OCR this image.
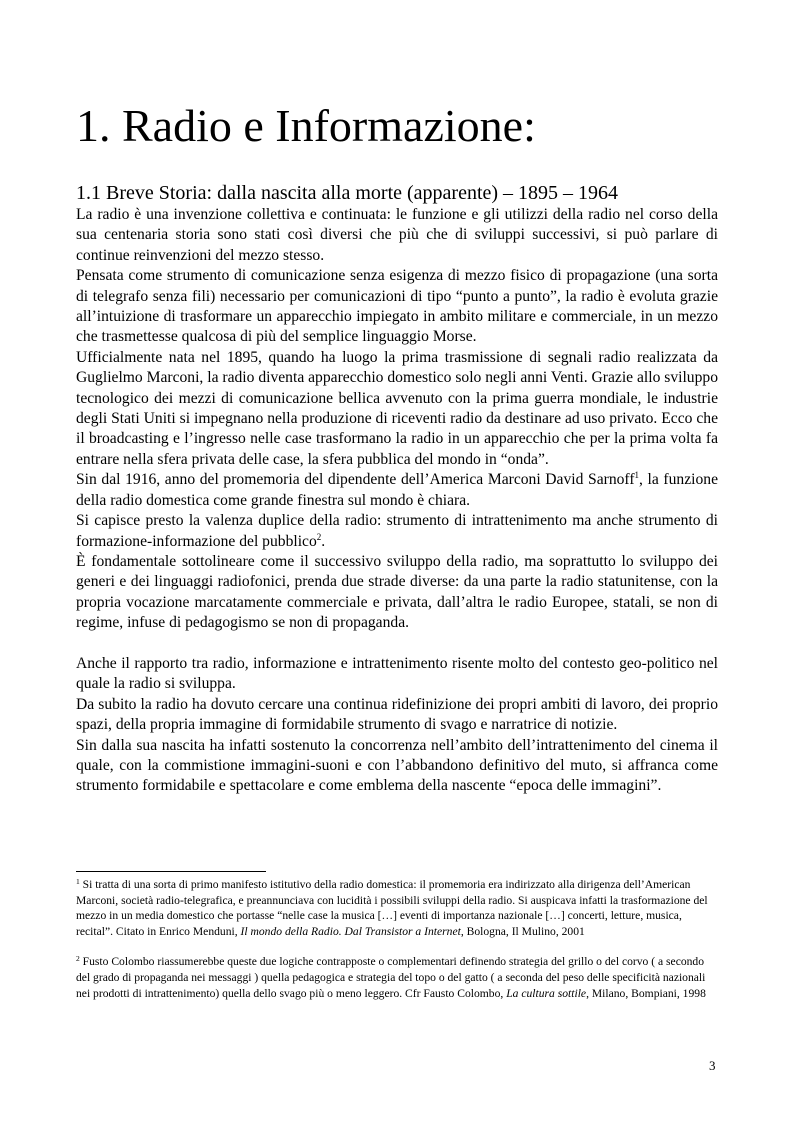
1. Radio e Informazione:
1.1 Breve Storia: dalla nascita alla morte (apparente) – 1895 – 1964

La radio è una invenzione collettiva e continuata: le funzione e gli utilizzi della radio nel corso della sua centenaria storia sono stati così diversi che più che di sviluppi successivi, si può parlare di continue reinvenzioni del mezzo stesso.

Pensata come strumento di comunicazione senza esigenza di mezzo fisico di propagazione (una sorta di telegrafo senza fili) necessario per comunicazioni di tipo “punto a punto”, la radio è evoluta grazie all’intuizione di trasformare un apparecchio impiegato in ambito militare e commerciale, in un mezzo che trasmettesse qualcosa di più del semplice linguaggio Morse.

Ufficialmente nata nel 1895, quando ha luogo la prima trasmissione di segnali radio realizzata da Guglielmo Marconi, la radio diventa apparecchio domestico solo negli anni Venti. Grazie allo sviluppo tecnologico dei mezzi di comunicazione bellica avvenuto con la prima guerra mondiale, le industrie degli Stati Uniti si impegnano nella produzione di riceventi radio da destinare ad uso privato. Ecco che il broadcasting e l’ingresso nelle case trasformano la radio in un apparecchio che per la prima volta fa entrare nella sfera privata delle case, la sfera pubblica del mondo in “onda”.

Sin dal 1916, anno del promemoria del dipendente dell’America Marconi David Sarnoff$^1$, la funzione della radio domestica come grande finestra sul mondo è chiara.

Si capisce presto la valenza duplice della radio: strumento di intrattenimento ma anche strumento di formazione-informazione del pubblico$^2$.

È fondamentale sottolineare come il successivo sviluppo della radio, ma soprattutto lo sviluppo dei generi e dei linguaggi radiofonici, prenda due strade diverse: da una parte la radio statunitense, con la propria vocazione marcatamente commerciale e privata, dall’altra le radio Europee, statali, se non di regime, infuse di pedagogismo se non di propaganda.

Anche il rapporto tra radio, informazione e intrattenimento risente molto del contesto geo-politico nel quale la radio si sviluppa.

Da subito la radio ha dovuto cercare una continua ridefinizione dei propri ambiti di lavoro, dei proprio spazi, della propria immagine di formidabile strumento di svago e narratrice di notizie.

Sin dalla sua nascita ha infatti sostenuto la concorrenza nell’ambito dell’intrattenimento del cinema il quale, con la commistione immagini-suoni e con l’abbandono definitivo del muto, si affranca come strumento formidabile e spettacolare e come emblema della nascente “epoca delle immagini”.

$^1$ Si tratta di una sorta di primo manifesto istitutivo della radio domestica: il promemoria era indirizzato alla dirigenza dell’American Marconi, società radio-telegrafica, e preannunciava con lucidità i possibili sviluppi della radio. Si auspicava infatti la trasformazione del mezzo in un media domestico che portasse “nelle case la musica […] eventi di importanza nazionale […] concerti, letture, musica, recital”. Citato in Enrico Menduni, Il mondo della Radio. Dal Transistor a Internet, Bologna, Il Mulino, 2001

$^2$ Fusto Colombo riassumerebbe queste due logiche contrapposte o complementari definendo strategia del grillo o del corvo ( a secondo del grado di propaganda nei messaggi ) quella pedagogica e strategia del topo o del gatto ( a seconda del peso delle specificità nazionali nei prodotti di intrattenimento) quella dello svago più o meno leggero. Cfr Fausto Colombo, La cultura sottile, Milano, Bompiani, 1998

3
